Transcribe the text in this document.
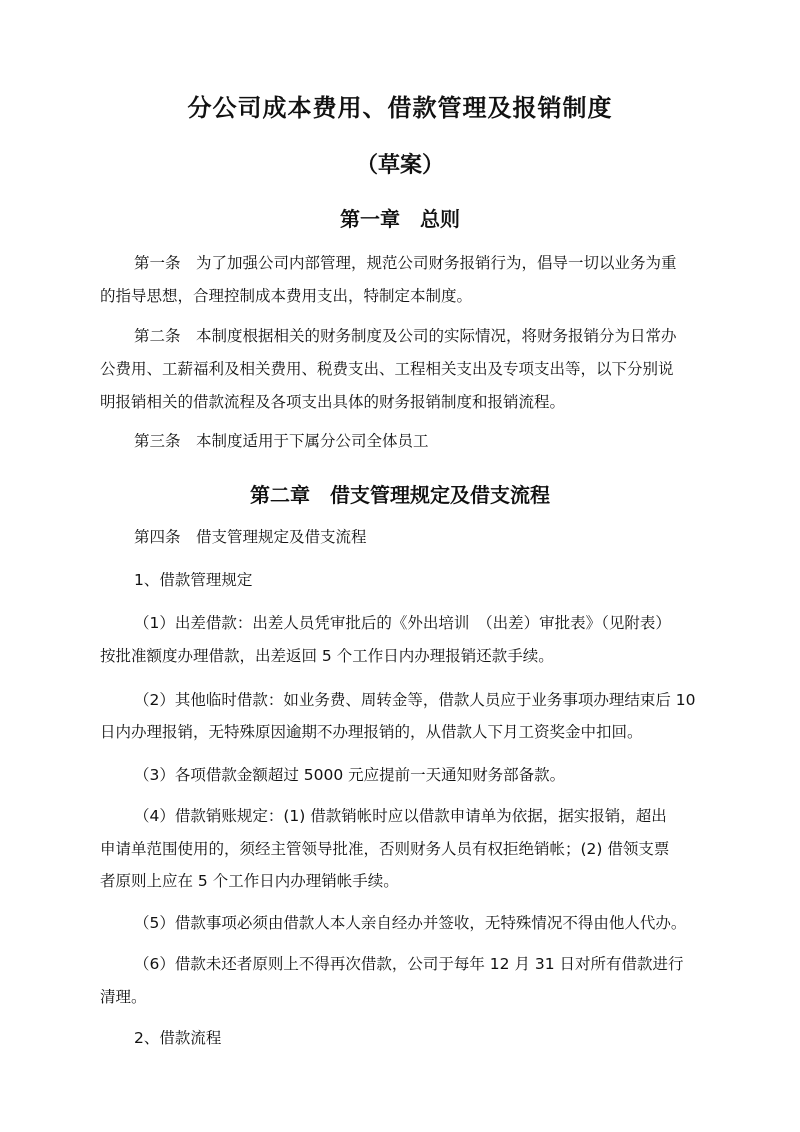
分公司成本费用、借款管理及报销制度
（草案）
第一章 总则
第一条　为了加强公司内部管理，规范公司财务报销行为，倡导一切以业务为重
的指导思想，合理控制成本费用支出，特制定本制度。
第二条　本制度根据相关的财务制度及公司的实际情况，将财务报销分为日常办
公费用、工薪福利及相关费用、税费支出、工程相关支出及专项支出等，以下分别说
明报销相关的借款流程及各项支出具体的财务报销制度和报销流程。
第三条　本制度适用于下属分公司全体员工
第二章 借支管理规定及借支流程
第四条　借支管理规定及借支流程
1、借款管理规定
（1）出差借款：出差人员凭审批后的《外出培训　（出差）审批表》（见附表）
按批准额度办理借款，出差返回 5 个工作日内办理报销还款手续。
（2）其他临时借款：如业务费、周转金等，借款人员应于业务事项办理结束后 10
日内办理报销，无特殊原因逾期不办理报销的，从借款人下月工资奖金中扣回。
（3）各项借款金额超过 5000 元应提前一天通知财务部备款。
（4）借款销账规定：(1) 借款销帐时应以借款申请单为依据，据实报销，超出
申请单范围使用的，须经主管领导批准，否则财务人员有权拒绝销帐；(2) 借领支票
者原则上应在 5 个工作日内办理销帐手续。
（5）借款事项必须由借款人本人亲自经办并签收，无特殊情况不得由他人代办。
（6）借款未还者原则上不得再次借款，公司于每年 12 月 31 日对所有借款进行
清理。
2、借款流程
